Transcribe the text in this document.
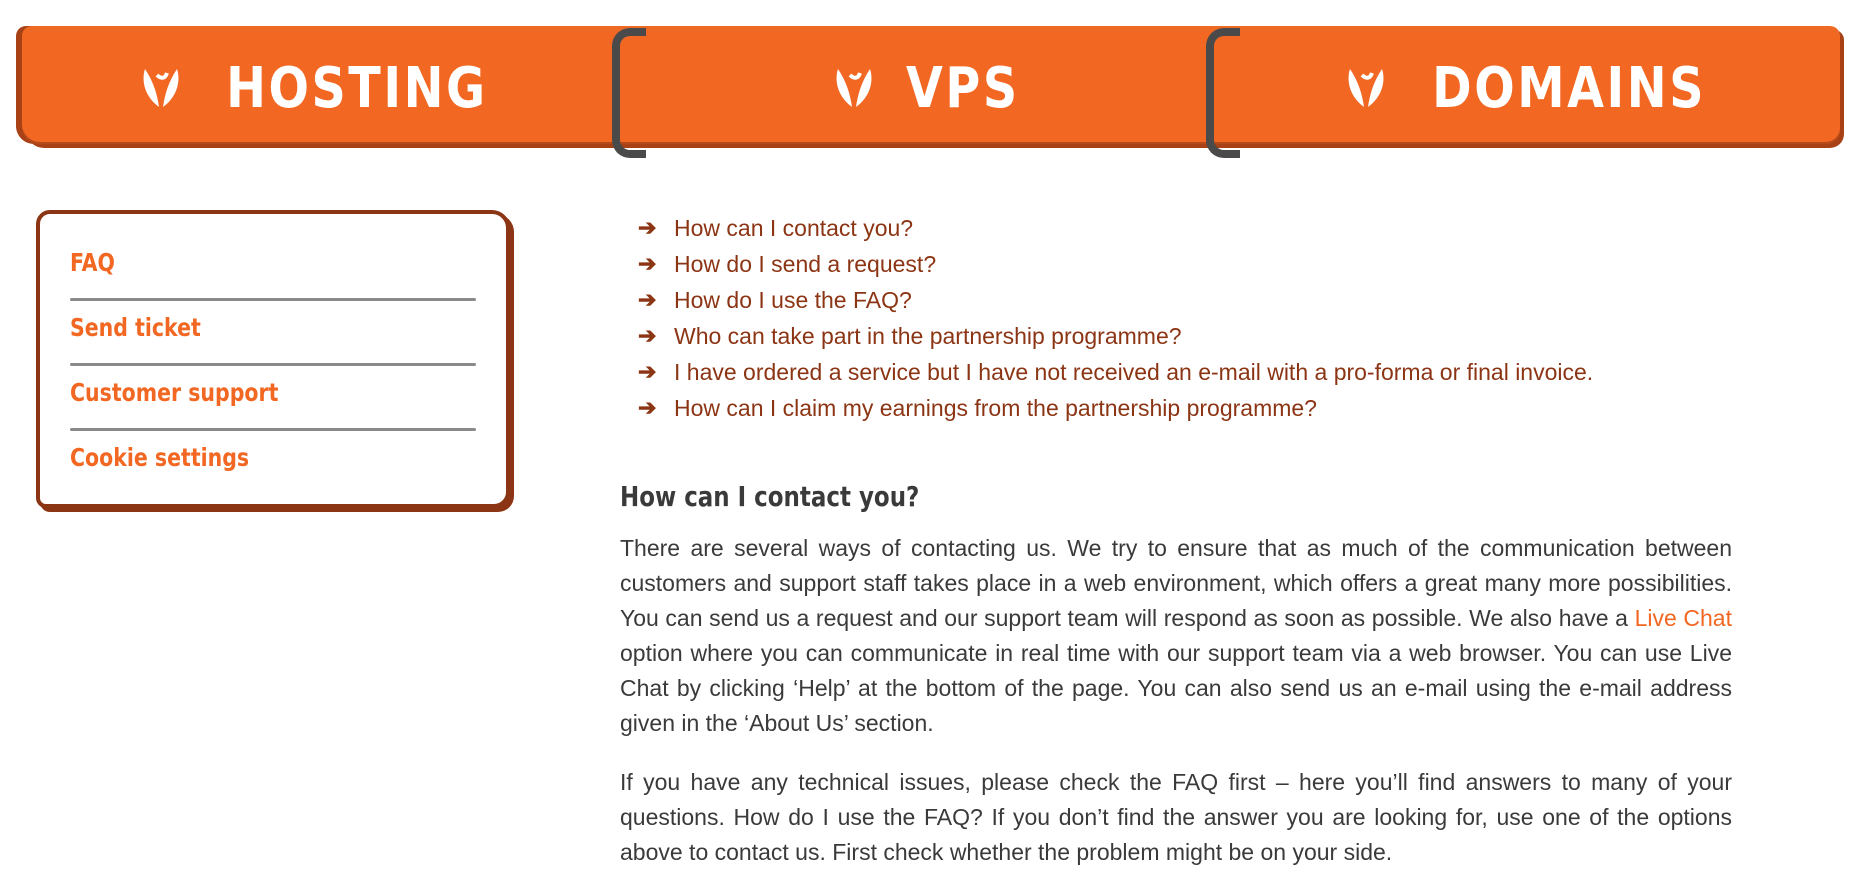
HOSTING	VPS	DOMAINS
FAQ
Send ticket
Customer support
Cookie settings
➔ How can I contact you?
➔ How do I send a request?
➔ How do I use the FAQ?
➔ Who can take part in the partnership programme?
➔ I have ordered a service but I have not received an e-mail with a pro-forma or final invoice.
➔ How can I claim my earnings from the partnership programme?
How can I contact you?

There are several ways of contacting us. We try to ensure that as much of the communication between customers and support staff takes place in a web environment, which offers a great many more possibilities. You can send us a request and our support team will respond as soon as possible. We also have a Live Chat option where you can communicate in real time with our support team via a web browser. You can use Live Chat by clicking ‘Help’ at the bottom of the page. You can also send us an e-mail using the e-mail address given in the ‘About Us’ section.

If you have any technical issues, please check the FAQ first – here you’ll find answers to many of your questions. How do I use the FAQ? If you don’t find the answer you are looking for, use one of the options above to contact us. First check whether the problem might be on your side.
